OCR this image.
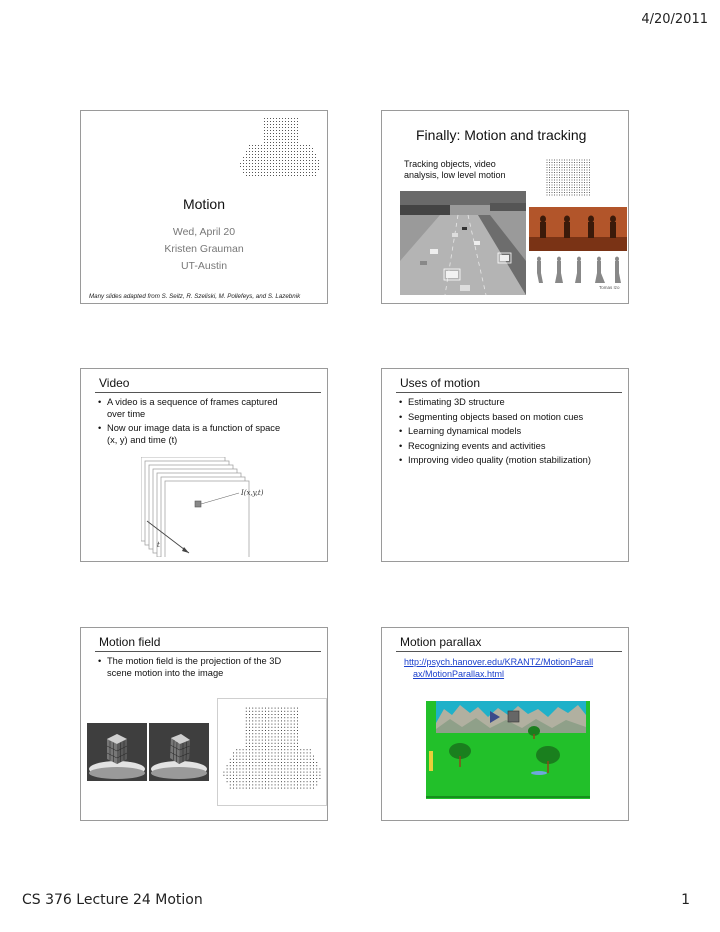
4/20/2011
Motion
Wed, April 20
Kristen Grauman
UT-Austin
Many slides adapted from S. Seitz, R. Szeliski, M. Pollefeys, and S. Lazebnik
Finally: Motion and tracking
Tracking objects, video
analysis, low level motion
Tomas Izo
Video
• A video is a sequence of frames captured
over time
• Now our image data is a function of space
(x, y) and time (t)
I(x,y,t)
t
Uses of motion
• Estimating 3D structure
• Segmenting objects based on motion cues
• Learning dynamical models
• Recognizing events and activities
• Improving video quality (motion stabilization)
Motion field
• The motion field is the projection of the 3D
scene motion into the image
Motion parallax
http://psych.hanover.edu/KRANTZ/MotionParall
ax/MotionParallax.html
CS 376 Lecture 24 Motion	1
